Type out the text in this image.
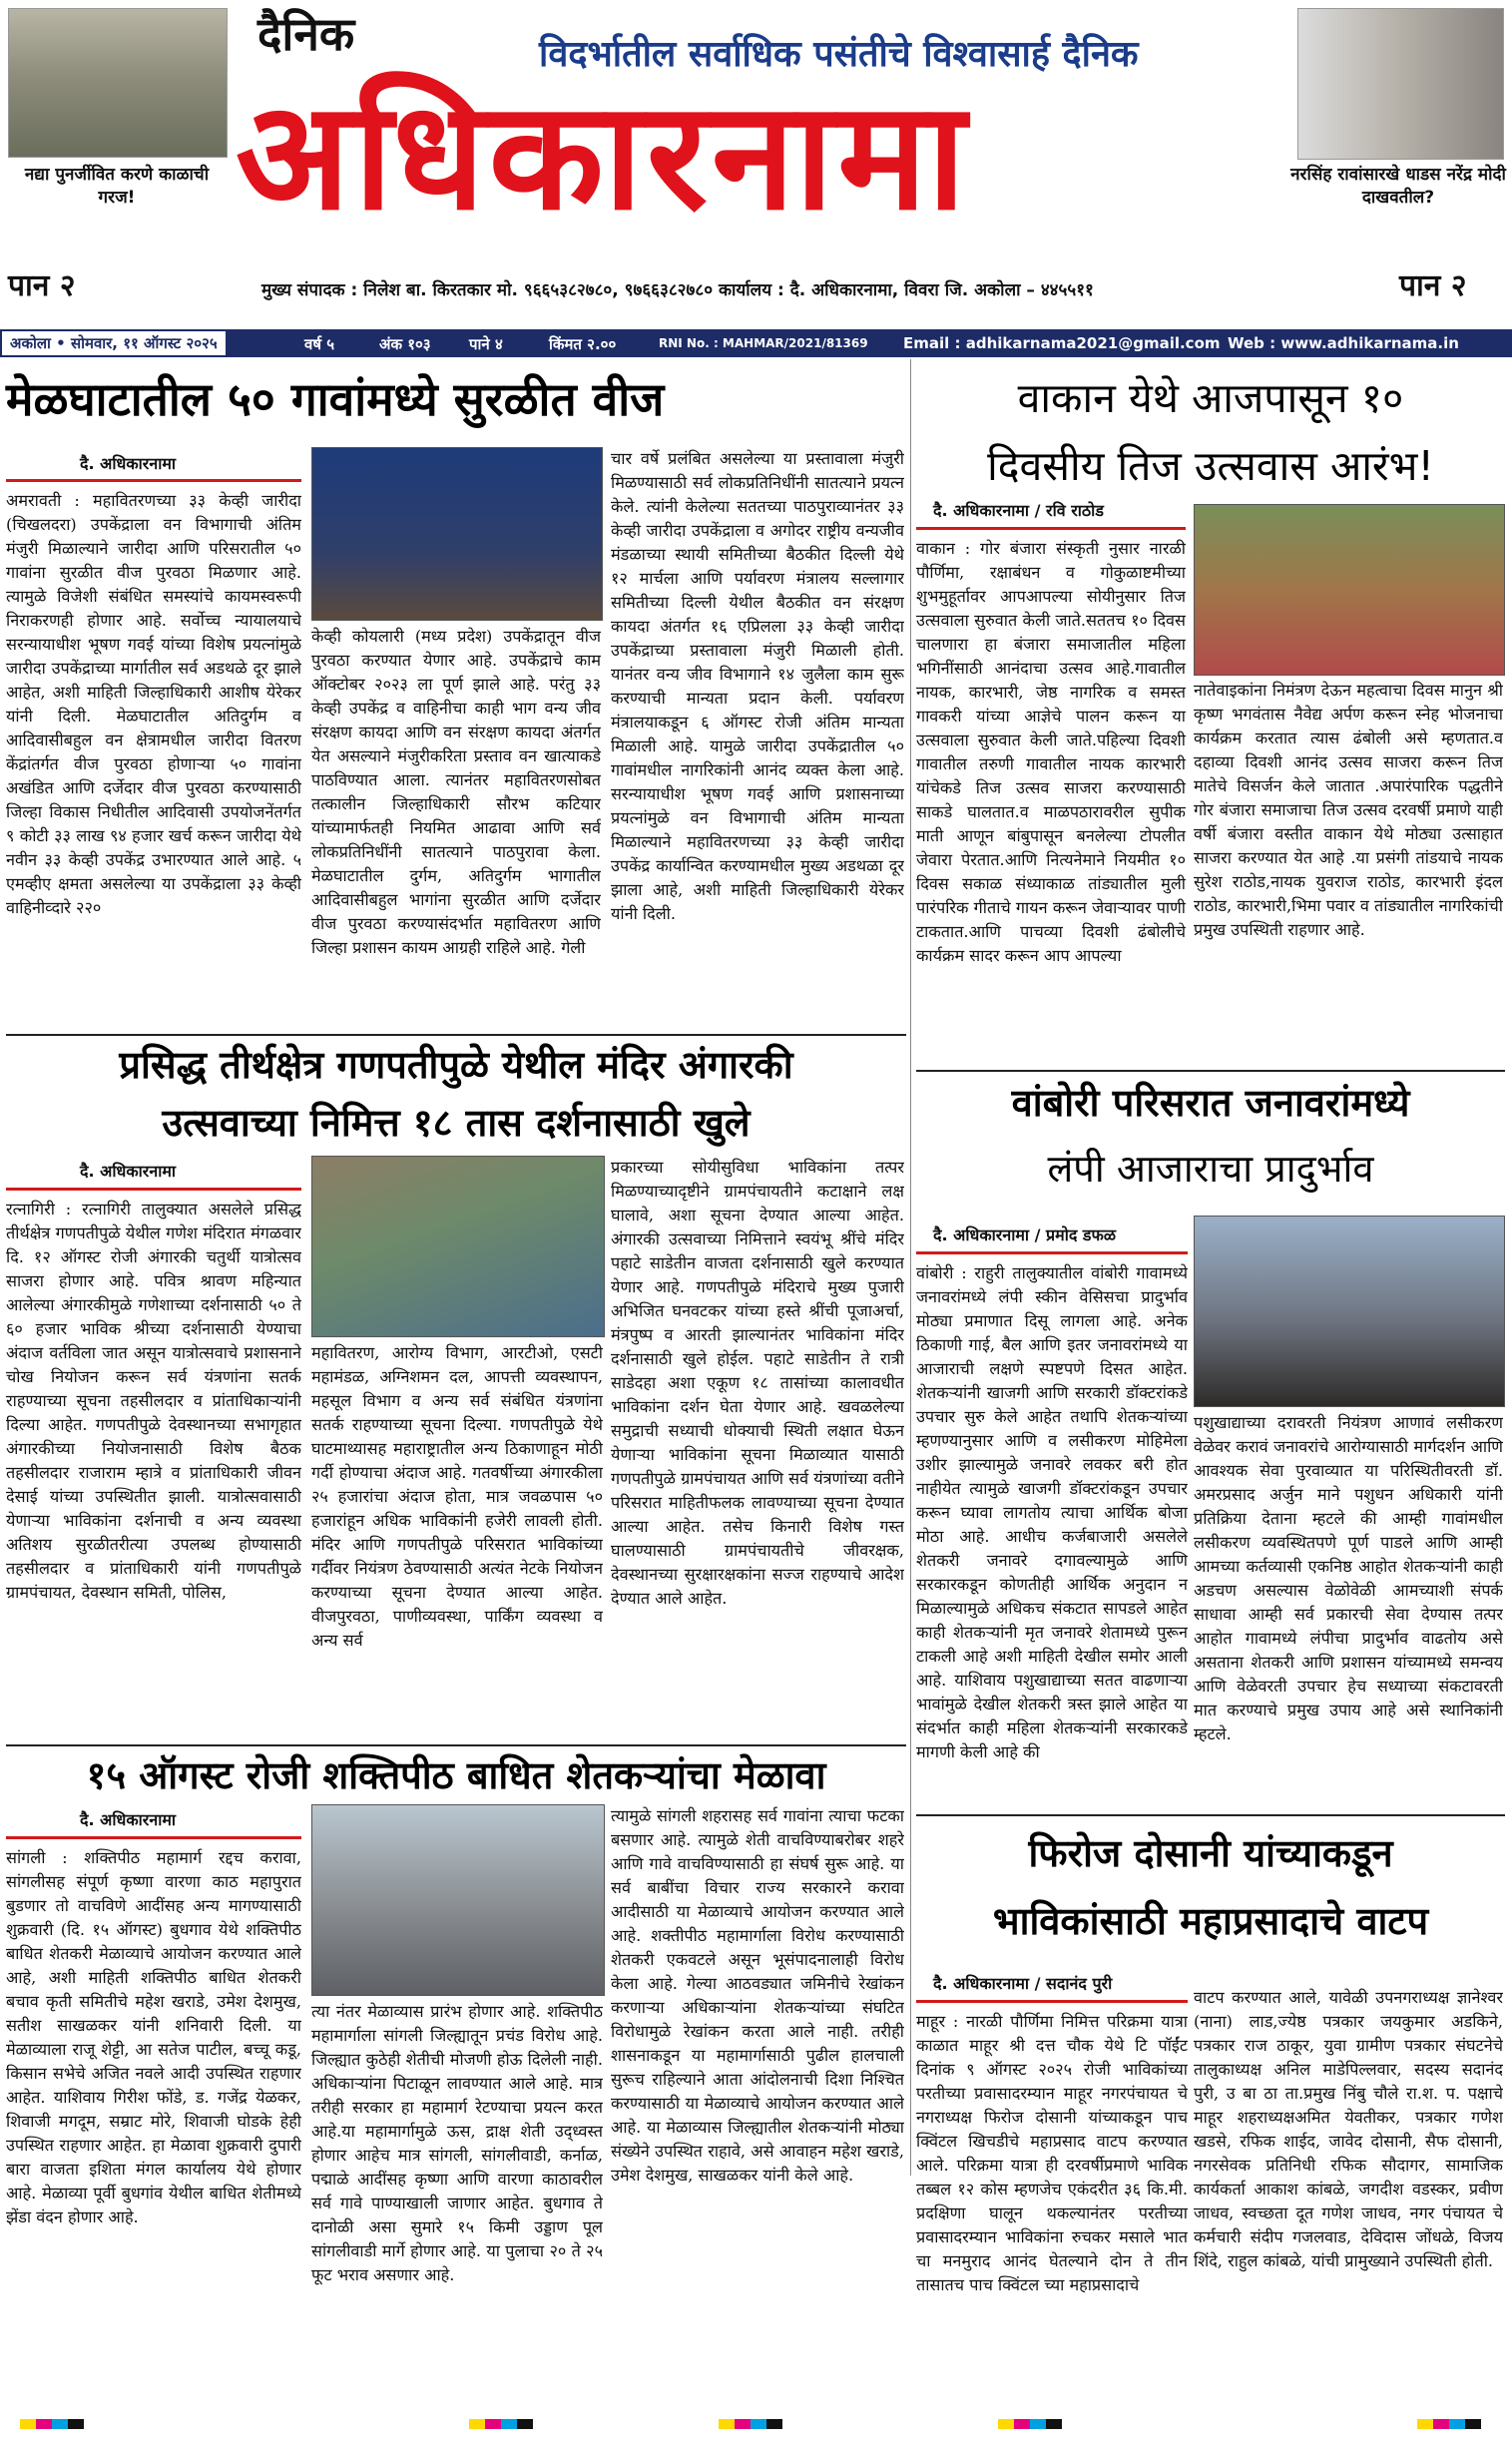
नद्या पुनर्जीवित करणे काळाची गरज!
दैनिक	विदर्भातील सर्वाधिक पसंतीचे विश्वासार्ह दैनिक
अधिकारनामा	नरसिंह रावांसारखे धाडस नरेंद्र मोदी दाखवतील?
पान २	पान २
मुख्य संपादक : निलेश बा. किरतकार मो. ९६६५३८२७८०, ९७६६३८२७८० कार्यालय : दै. अधिकारनामा, विवरा जि. अकोला – ४४५५११
अकोला • सोमवार, ११ ऑगस्ट २०२५	वर्ष ५	अंक १०३	पाने ४	किंमत २.००	RNI No. : MAHMAR/2021/81369 Email : adhikarnama2021@gmail.com Web : www.adhikarnama.in
मेळघाटातील ५० गावांमध्ये सुरळीत वीज
दै. अधिकारनामा
अमरावती : महावितरणच्या ३३ केव्ही जारीदा (चिखलदरा) उपकेंद्राला वन विभागाची अंतिम मंजुरी मिळाल्याने जारीदा आणि परिसरातील ५० गावांना सुरळीत वीज पुरवठा मिळणार आहे. त्यामुळे विजेशी संबंधित समस्यांचे कायमस्वरूपी निराकरणही होणार आहे. सर्वोच्च न्यायालयाचे सरन्यायाधीश भूषण गवई यांच्या विशेष प्रयत्नांमुळे जारीदा उपकेंद्राच्या मार्गातील सर्व अडथळे दूर झाले आहेत, अशी माहिती जिल्हाधिकारी आशीष येरेकर यांनी दिली. मेळघाटातील अतिदुर्गम व आदिवासीबहुल वन क्षेत्रामधील जारीदा वितरण केंद्रांतर्गत वीज पुरवठा होणाऱ्या ५० गावांना अखंडित आणि दर्जेदार वीज पुरवठा करण्यासाठी जिल्हा विकास निधीतील आदिवासी उपयोजनेंतर्गत ९ कोटी ३३ लाख ९४ हजार खर्च करून जारीदा येथे नवीन ३३ केव्ही उपकेंद्र उभारण्यात आले आहे. ५ एमव्हीए क्षमता असलेल्या या उपकेंद्राला ३३ केव्ही वाहिनीव्दारे २२०
केव्ही कोयलारी (मध्य प्रदेश) उपकेंद्रातून वीज पुरवठा करण्यात येणार आहे. उपकेंद्राचे काम ऑक्टोबर २०२३ ला पूर्ण झाले आहे. परंतु ३३ केव्ही उपकेंद्र व वाहिनीचा काही भाग वन्य जीव संरक्षण कायदा आणि वन संरक्षण कायदा अंतर्गत येत असल्याने मंजुरीकरिता प्रस्ताव वन खात्याकडे पाठविण्यात आला. त्यानंतर महावितरणसोबत तत्कालीन जिल्हाधिकारी सौरभ कटियार यांच्यामार्फतही नियमित आढावा आणि सर्व लोकप्रतिनिधींनी सातत्याने पाठपुरावा केला. मेळघाटातील दुर्गम, अतिदुर्गम भागातील आदिवासीबहुल भागांना सुरळीत आणि दर्जेदार वीज पुरवठा करण्यासंदर्भात महावितरण आणि जिल्हा प्रशासन कायम आग्रही राहिले आहे. गेली
चार वर्षे प्रलंबित असलेल्या या प्रस्तावाला मंजुरी मिळण्यासाठी सर्व लोकप्रतिनिधींनी सातत्याने प्रयत्न केले. त्यांनी केलेल्या सततच्या पाठपुराव्यानंतर ३३ केव्ही जारीदा उपकेंद्राला व अगोदर राष्ट्रीय वन्यजीव मंडळाच्या स्थायी समितीच्या बैठकीत दिल्ली येथे १२ मार्चला आणि पर्यावरण मंत्रालय सल्लागार समितीच्या दिल्ली येथील बैठकीत वन संरक्षण कायदा अंतर्गत १६ एप्रिलला ३३ केव्ही जारीदा उपकेंद्राच्या प्रस्तावाला मंजुरी मिळाली होती. यानंतर वन्य जीव विभागाने १४ जुलैला काम सुरू करण्याची मान्यता प्रदान केली. पर्यावरण मंत्रालयाकडून ६ ऑगस्ट रोजी अंतिम मान्यता मिळाली आहे. यामुळे जारीदा उपकेंद्रातील ५० गावांमधील नागरिकांनी आनंद व्यक्त केला आहे. सरन्यायाधीश भूषण गवई आणि प्रशासनाच्या प्रयत्नांमुळे वन विभागाची अंतिम मान्यता मिळाल्याने महावितरणच्या ३३ केव्ही जारीदा उपकेंद्र कार्यान्वित करण्यामधील मुख्य अडथळा दूर झाला आहे, अशी माहिती जिल्हाधिकारी येरेकर यांनी दिली.
वाकान येथे आजपासून १०
दिवसीय तिज उत्सवास आरंभ!
दै. अधिकारनामा / रवि राठोड
वाकान : गोर बंजारा संस्कृती नुसार नारळी पौर्णिमा, रक्षाबंधन व गोकुळाष्टमीच्या शुभमुहूर्तावर आपआपल्या सोयीनुसार तिज उत्सवाला सुरुवात केली जाते.सततच १० दिवस चालणारा हा बंजारा समाजातील महिला भगिनींसाठी आनंदाचा उत्सव आहे.गावातील नायक, कारभारी, जेष्ठ नागरिक व समस्त गावकरी यांच्या आज्ञेचे पालन करून या उत्सवाला सुरुवात केली जाते.पहिल्या दिवशी गावातील तरुणी गावातील नायक कारभारी यांचेकडे तिज उत्सव साजरा करण्यासाठी साकडे घालतात.व माळपठारावरील सुपीक माती आणून बांबुपासून बनलेल्या टोपलीत जेवारा पेरतात.आणि नित्यनेमाने नियमीत १० दिवस सकाळ संध्याकाळ तांड्यातील मुली पारंपरिक गीताचे गायन करून जेवाऱ्यावर पाणी टाकतात.आणि पाचव्या दिवशी ढंबोलीचे कार्यक्रम सादर करून आप आपल्या
नातेवाइकांना निमंत्रण देऊन महत्वाचा दिवस मानुन श्री कृष्ण भगवंतास नैवेद्य अर्पण करून स्नेह भोजनाचा कार्यक्रम करतात त्यास ढंबोली असे म्हणतात.व दहाव्या दिवशी आनंद उत्सव साजरा करून तिज मातेचे विसर्जन केले जातात .अपारंपारिक पद्धतीने गोर बंजारा समाजाचा तिज उत्सव दरवर्षी प्रमाणे याही वर्षी बंजारा वस्तीत वाकान येथे मोठ्या उत्साहात साजरा करण्यात येत आहे .या प्रसंगी तांडयाचे नायक सुरेश राठोड,नायक युवराज राठोड, कारभारी इंदल राठोड, कारभारी,भिमा पवार व तांड्यातील नागरिकांची प्रमुख उपस्थिती राहणार आहे.
प्रसिद्ध तीर्थक्षेत्र गणपतीपुळे येथील मंदिर अंगारकी
उत्सवाच्या निमित्त १८ तास दर्शनासाठी खुले
दै. अधिकारनामा
रत्नागिरी : रत्नागिरी तालुक्यात असलेले प्रसिद्ध तीर्थक्षेत्र गणपतीपुळे येथील गणेश मंदिरात मंगळवार दि. १२ ऑगस्ट रोजी अंगारकी चतुर्थी यात्रोत्सव साजरा होणार आहे. पवित्र श्रावण महिन्यात आलेल्या अंगारकीमुळे गणेशाच्या दर्शनासाठी ५० ते ६० हजार भाविक श्रीच्या दर्शनासाठी येण्याचा अंदाज वर्तविला जात असून यात्रोत्सवाचे प्रशासनाने चोख नियोजन करून सर्व यंत्रणांना सतर्क राहण्याच्या सूचना तहसीलदार व प्रांताधिकाऱ्यांनी दिल्या आहेत. गणपतीपुळे देवस्थानच्या सभागृहात अंगारकीच्या नियोजनासाठी विशेष बैठक तहसीलदार राजाराम म्हात्रे व प्रांताधिकारी जीवन देसाई यांच्या उपस्थितीत झाली. यात्रोत्सवासाठी येणाऱ्या भाविकांना दर्शनाची व अन्य व्यवस्था अतिशय सुरळीतरीत्या उपलब्ध होण्यासाठी तहसीलदार व प्रांताधिकारी यांनी गणपतीपुळे ग्रामपंचायत, देवस्थान समिती, पोलिस,
महावितरण, आरोग्य विभाग, आरटीओ, एसटी महामंडळ, अग्निशमन दल, आपत्ती व्यवस्थापन, महसूल विभाग व अन्य सर्व संबंधित यंत्रणांना सतर्क राहण्याच्या सूचना दिल्या. गणपतीपुळे येथे घाटमाथ्यासह महाराष्ट्रातील अन्य ठिकाणाहून मोठी गर्दी होण्याचा अंदाज आहे. गतवर्षीच्या अंगारकीला २५ हजारांचा अंदाज होता, मात्र जवळपास ५० हजारांहून अधिक भाविकांनी हजेरी लावली होती. मंदिर आणि गणपतीपुळे परिसरात भाविकांच्या गर्दीवर नियंत्रण ठेवण्यासाठी अत्यंत नेटके नियोजन करण्याच्या सूचना देण्यात आल्या आहेत. वीजपुरवठा, पाणीव्यवस्था, पार्किंग व्यवस्था व अन्य सर्व
प्रकारच्या सोयीसुविधा भाविकांना तत्पर मिळण्याच्यादृष्टीने ग्रामपंचायतीने कटाक्षाने लक्ष घालावे, अशा सूचना देण्यात आल्या आहेत. अंगारकी उत्सवाच्या निमित्ताने स्वयंभू श्रींचे मंदिर पहाटे साडेतीन वाजता दर्शनासाठी खुले करण्यात येणार आहे. गणपतीपुळे मंदिराचे मुख्य पुजारी अभिजित घनवटकर यांच्या हस्ते श्रींची पूजाअर्चा, मंत्रपुष्प व आरती झाल्यानंतर भाविकांना मंदिर दर्शनासाठी खुले होईल. पहाटे साडेतीन ते रात्री साडेदहा अशा एकूण १८ तासांच्या कालावधीत भाविकांना दर्शन घेता येणार आहे. खवळलेल्या समुद्राची सध्याची धोक्याची स्थिती लक्षात घेऊन येणाऱ्या भाविकांना सूचना मिळाव्यात यासाठी गणपतीपुळे ग्रामपंचायत आणि सर्व यंत्रणांच्या वतीने परिसरात माहितीफलक लावण्याच्या सूचना देण्यात आल्या आहेत. तसेच किनारी विशेष गस्त घालण्यासाठी ग्रामपंचायतीचे जीवरक्षक, देवस्थानच्या सुरक्षारक्षकांना सज्ज राहण्याचे आदेश देण्यात आले आहेत.
वांबोरी परिसरात जनावरांमध्ये
लंपी आजाराचा प्रादुर्भाव
दै. अधिकारनामा / प्रमोद डफळ
वांबोरी : राहुरी तालुक्यातील वांबोरी गावामध्ये जनावरांमध्ये लंपी स्कीन वेसिसचा प्रादुर्भाव मोठ्या प्रमाणात दिसू लागला आहे. अनेक ठिकाणी गाई, बैल आणि इतर जनावरांमध्ये या आजाराची लक्षणे स्पष्टपणे दिसत आहेत. शेतकऱ्यांनी खाजगी आणि सरकारी डॉक्टरांकडे उपचार सुरु केले आहेत तथापि शेतकऱ्यांच्या म्हणण्यानुसार आणि व लसीकरण मोहिमेला उशीर झाल्यामुळे जनावरे लवकर बरी होत नाहीयेत त्यामुळे खाजगी डॉक्टरांकडून उपचार करून घ्यावा लागतोय त्याचा आर्थिक बोजा मोठा आहे. आधीच कर्जबाजारी असलेले शेतकरी जनावरे दगावल्यामुळे आणि सरकारकडून कोणतीही आर्थिक अनुदान न मिळाल्यामुळे अधिकच संकटात सापडले आहेत काही शेतकऱ्यांनी मृत जनावरे शेतामध्ये पुरून टाकली आहे अशी माहिती देखील समोर आली आहे. याशिवाय पशुखाद्याच्या सतत वाढणाऱ्या भावांमुळे देखील शेतकरी त्रस्त झाले आहेत या संदर्भात काही महिला शेतकऱ्यांनी सरकारकडे मागणी केली आहे की
पशुखाद्याच्या दरावरती नियंत्रण आणावं लसीकरण वेळेवर करावं जनावरांचे आरोग्यासाठी मार्गदर्शन आणि आवश्यक सेवा पुरवाव्यात या परिस्थितीवरती डॉ. अमरप्रसाद अर्जुन माने पशुधन अधिकारी यांनी प्रतिक्रिया देताना म्हटले की आम्ही गावांमधील लसीकरण व्यवस्थितपणे पूर्ण पाडले आणि आम्ही आमच्या कर्तव्यासी एकनिष्ठ आहोत शेतकऱ्यांनी काही अडचण असल्यास वेळोवेळी आमच्याशी संपर्क साधावा आम्ही सर्व प्रकारची सेवा देण्यास तत्पर आहोत गावामध्ये लंपीचा प्रादुर्भाव वाढतोय असे असताना शेतकरी आणि प्रशासन यांच्यामध्ये समन्वय आणि वेळेवरती उपचार हेच सध्याच्या संकटावरती मात करण्याचे प्रमुख उपाय आहे असे स्थानिकांनी म्हटले.
१५ ऑगस्ट रोजी शक्तिपीठ बाधित शेतकऱ्यांचा मेळावा
दै. अधिकारनामा
सांगली : शक्तिपीठ महामार्ग रद्दच करावा, सांगलीसह संपूर्ण कृष्णा वारणा काठ महापुरात बुडणार तो वाचविणे आदींसह अन्य मागण्यासाठी शुक्रवारी (दि. १५ ऑगस्ट) बुधगाव येथे शक्तिपीठ बाधित शेतकरी मेळाव्याचे आयोजन करण्यात आले आहे, अशी माहिती शक्तिपीठ बाधित शेतकरी बचाव कृती समितीचे महेश खराडे, उमेश देशमुख, सतीश साखळकर यांनी शनिवारी दिली. या मेळाव्याला राजू शेट्टी, आ सतेज पाटील, बच्चू कडू, किसान सभेचे अजित नवले आदी उपस्थित राहणार आहेत. याशिवाय गिरीश फोंडे, ड. गजेंद्र येळकर, शिवाजी मगदूम, सम्राट मोरे, शिवाजी घोडके हेही उपस्थित राहणार आहेत. हा मेळावा शुक्रवारी दुपारी बारा वाजता इशिता मंगल कार्यालय येथे होणार आहे. मेळाव्या पूर्वी बुधगांव येथील बाधित शेतीमध्ये झेंडा वंदन होणार आहे.
त्या नंतर मेळाव्यास प्रारंभ होणार आहे. शक्तिपीठ महामार्गाला सांगली जिल्ह्यातून प्रचंड विरोध आहे. जिल्ह्यात कुठेही शेतीची मोजणी होऊ दिलेली नाही. अधिकाऱ्यांना पिटाळून लावण्यात आले आहे. मात्र तरीही सरकार हा महामार्ग रेटण्याचा प्रयत्न करत आहे.या महामार्गामुळे ऊस, द्राक्ष शेती उद्ध्वस्त होणार आहेच मात्र सांगली, सांगलीवाडी, कर्नाळ, पद्माळे आदींसह कृष्णा आणि वारणा काठावरील सर्व गावे पाण्याखाली जाणार आहेत. बुधगाव ते दानोळी असा सुमारे १५ किमी उड्डाण पूल सांगलीवाडी मार्गे होणार आहे. या पुलाचा २० ते २५ फूट भराव असणार आहे.
त्यामुळे सांगली शहरासह सर्व गावांना त्याचा फटका बसणार आहे. त्यामुळे शेती वाचविण्याबरोबर शहरे आणि गावे वाचविण्यासाठी हा संघर्ष सुरू आहे. या सर्व बाबींचा विचार राज्य सरकारने करावा आदीसाठी या मेळाव्याचे आयोजन करण्यात आले आहे. शक्तीपीठ महामार्गाला विरोध करण्यासाठी शेतकरी एकवटले असून भूसंपादनालाही विरोध केला आहे. गेल्या आठवड्यात जमिनीचे रेखांकन करणाऱ्या अधिकाऱ्यांना शेतकऱ्यांच्या संघटित विरोधामुळे रेखांकन करता आले नाही. तरीही शासनाकडून या महामार्गासाठी पुढील हालचाली सुरूच राहिल्याने आता आंदोलनाची दिशा निश्चित करण्यासाठी या मेळाव्याचे आयोजन करण्यात आले आहे. या मेळाव्यास जिल्ह्यातील शेतकऱ्यांनी मोठ्या संख्येने उपस्थित राहावे, असे आवाहन महेश खराडे, उमेश देशमुख, साखळकर यांनी केले आहे.
फिरोज दोसानी यांच्याकडून
भाविकांसाठी महाप्रसादाचे वाटप
दै. अधिकारनामा / सदानंद पुरी
माहूर : नारळी पौर्णिमा निमित्त परिक्रमा यात्रा काळात माहूर श्री दत्त चौक येथे टि पॉईंट दिनांक ९ ऑगस्ट २०२५ रोजी भाविकांच्या परतीच्या प्रवासादरम्यान माहूर नगरपंचायत चे नगराध्यक्ष फिरोज दोसानी यांच्याकडून पाच क्विंटल खिचडीचे महाप्रसाद वाटप करण्यात आले. परिक्रमा यात्रा ही दरवर्षीप्रमाणे भाविक तब्बल १२ कोस म्हणजेच एकंदरीत ३६ कि.मी. प्रदक्षिणा घालून थकल्यानंतर परतीच्या प्रवासादरम्यान भाविकांना रुचकर मसाले भात चा मनमुराद आनंद घेतल्याने दोन ते तीन तासातच पाच क्विंटल च्या महाप्रसादाचे
वाटप करण्यात आले, यावेळी उपनगराध्यक्ष ज्ञानेश्वर (नाना) लाड,ज्येष्ठ पत्रकार जयकुमार अडकिने, पत्रकार राज ठाकूर, युवा ग्रामीण पत्रकार संघटनेचे तालुकाध्यक्ष अनिल माडेपिल्लवार, सदस्य सदानंद पुरी, उ बा ठा ता.प्रमुख निंबु चौले रा.श. प. पक्षाचे माहूर शहराध्यक्षअमित येवतीकर, पत्रकार गणेश खडसे, रफिक शाईद, जावेद दोसानी, सैफ दोसानी, नगरसेवक प्रतिनिधी रफिक सौदागर, सामाजिक कार्यकर्ता आकाश कांबळे, जगदीश वडस्कर, प्रवीण जाधव, स्वच्छता दूत गणेश जाधव, नगर पंचायत चे कर्मचारी संदीप गजलवाड, देविदास जोंधळे, विजय शिंदे, राहुल कांबळे, यांची प्रामुख्याने उपस्थिती होती.
